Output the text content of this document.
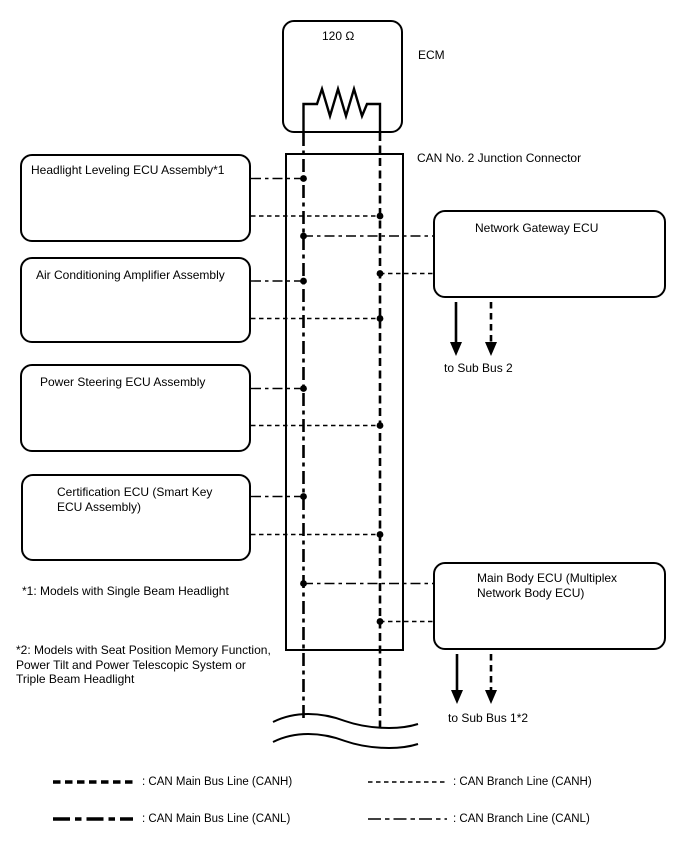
120 Ω
Headlight Leveling ECU Assembly*1
Air Conditioning Amplifier Assembly
Power Steering ECU Assembly
Certification ECU (Smart Key ECU Assembly)
Network Gateway ECU
Main Body ECU (Multiplex Network Body ECU)
ECM
CAN No. 2 Junction Connector
to Sub Bus 2
to Sub Bus 1*2
*1: Models with Single Beam Headlight
*2: Models with Seat Position Memory Function, Power Tilt and Power Telescopic System or Triple Beam Headlight
: CAN Main Bus Line (CANH)
: CAN Main Bus Line (CANL)
: CAN Branch Line (CANH)
: CAN Branch Line (CANL)
